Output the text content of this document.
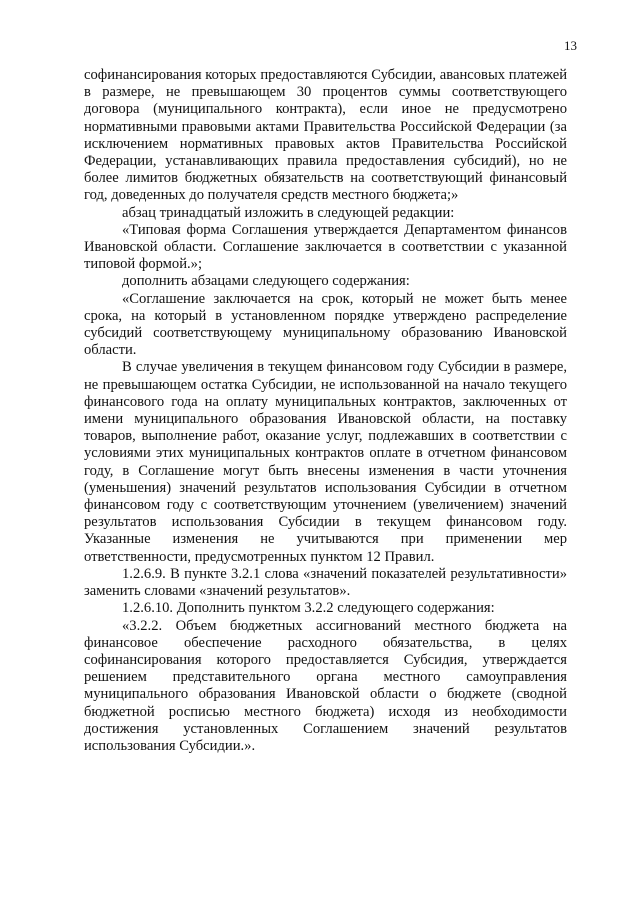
13

софинансирования которых предоставляются Субсидии, авансовых платежей в размере, не превышающем 30 процентов суммы соответствующего договора (муниципального контракта), если иное не предусмотрено нормативными правовыми актами Правительства Российской Федерации (за исключением нормативных правовых актов Правительства Российской Федерации, устанавливающих правила предоставления субсидий), но не более лимитов бюджетных обязательств на соответствующий финансовый год, доведенных до получателя средств местного бюджета;»

абзац тринадцатый изложить в следующей редакции:

«Типовая форма Соглашения утверждается Департаментом финансов Ивановской области. Соглашение заключается в соответствии с указанной типовой формой.»;

дополнить абзацами следующего содержания:

«Соглашение заключается на срок, который не может быть менее срока, на который в установленном порядке утверждено распределение субсидий соответствующему муниципальному образованию Ивановской области.

В случае увеличения в текущем финансовом году Субсидии в размере, не превышающем остатка Субсидии, не использованной на начало текущего финансового года на оплату муниципальных контрактов, заключенных от имени муниципального образования Ивановской области, на поставку товаров, выполнение работ, оказание услуг, подлежавших в соответствии с условиями этих муниципальных контрактов оплате в отчетном финансовом году, в Соглашение могут быть внесены изменения в части уточнения (уменьшения) значений результатов использования Субсидии в отчетном финансовом году с соответствующим уточнением (увеличением) значений результатов использования Субсидии в текущем финансовом году. Указанные изменения не учитываются при применении мер ответственности, предусмотренных пунктом 12 Правил.

1.2.6.9. В пункте 3.2.1 слова «значений показателей результативности» заменить словами «значений результатов».

1.2.6.10. Дополнить пунктом 3.2.2 следующего содержания:

«3.2.2. Объем бюджетных ассигнований местного бюджета на финансовое обеспечение расходного обязательства, в целях софинансирования которого предоставляется Субсидия, утверждается решением представительного органа местного самоуправления муниципального образования Ивановской области о бюджете (сводной бюджетной росписью местного бюджета) исходя из необходимости достижения установленных Соглашением значений результатов использования Субсидии.».
